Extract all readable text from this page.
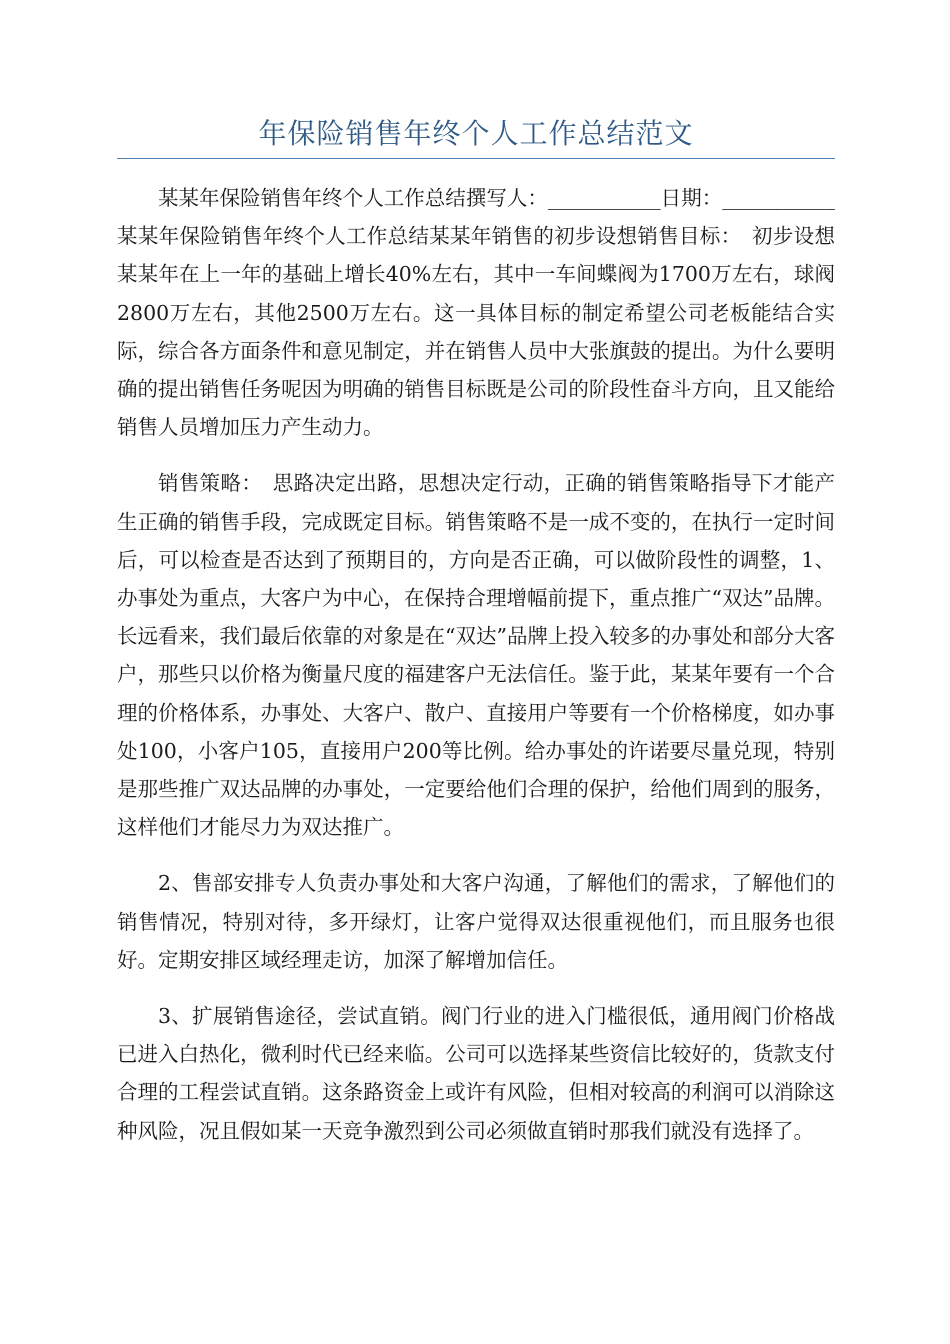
年保险销售年终个人工作总结范文

某某年保险销售年终个人工作总结撰写人：___________日期：___________某某年保险销售年终个人工作总结某某年销售的初步设想销售目标：　初步设想某某年在上一年的基础上增长40%左右，其中一车间蝶阀为1700万左右，球阀2800万左右，其他2500万左右。这一具体目标的制定希望公司老板能结合实际，综合各方面条件和意见制定，并在销售人员中大张旗鼓的提出。为什么要明确的提出销售任务呢因为明确的销售目标既是公司的阶段性奋斗方向，且又能给销售人员增加压力产生动力。

销售策略：　思路决定出路，思想决定行动，正确的销售策略指导下才能产生正确的销售手段，完成既定目标。销售策略不是一成不变的，在执行一定时间后，可以检查是否达到了预期目的，方向是否正确，可以做阶段性的调整，1、办事处为重点，大客户为中心，在保持合理增幅前提下，重点推广“双达”品牌。长远看来，我们最后依靠的对象是在“双达”品牌上投入较多的办事处和部分大客户，那些只以价格为衡量尺度的福建客户无法信任。鉴于此，某某年要有一个合理的价格体系，办事处、大客户、散户、直接用户等要有一个价格梯度，如办事处100，小客户105，直接用户200等比例。给办事处的许诺要尽量兑现，特别是那些推广双达品牌的办事处，一定要给他们合理的保护，给他们周到的服务，这样他们才能尽力为双达推广。

2、售部安排专人负责办事处和大客户沟通，了解他们的需求，了解他们的销售情况，特别对待，多开绿灯，让客户觉得双达很重视他们，而且服务也很好。定期安排区域经理走访，加深了解增加信任。

3、扩展销售途径，尝试直销。阀门行业的进入门槛很低，通用阀门价格战已进入白热化，微利时代已经来临。公司可以选择某些资信比较好的，货款支付合理的工程尝试直销。这条路资金上或许有风险，但相对较高的利润可以消除这种风险，况且假如某一天竞争激烈到公司必须做直销时那我们就没有选择了。
